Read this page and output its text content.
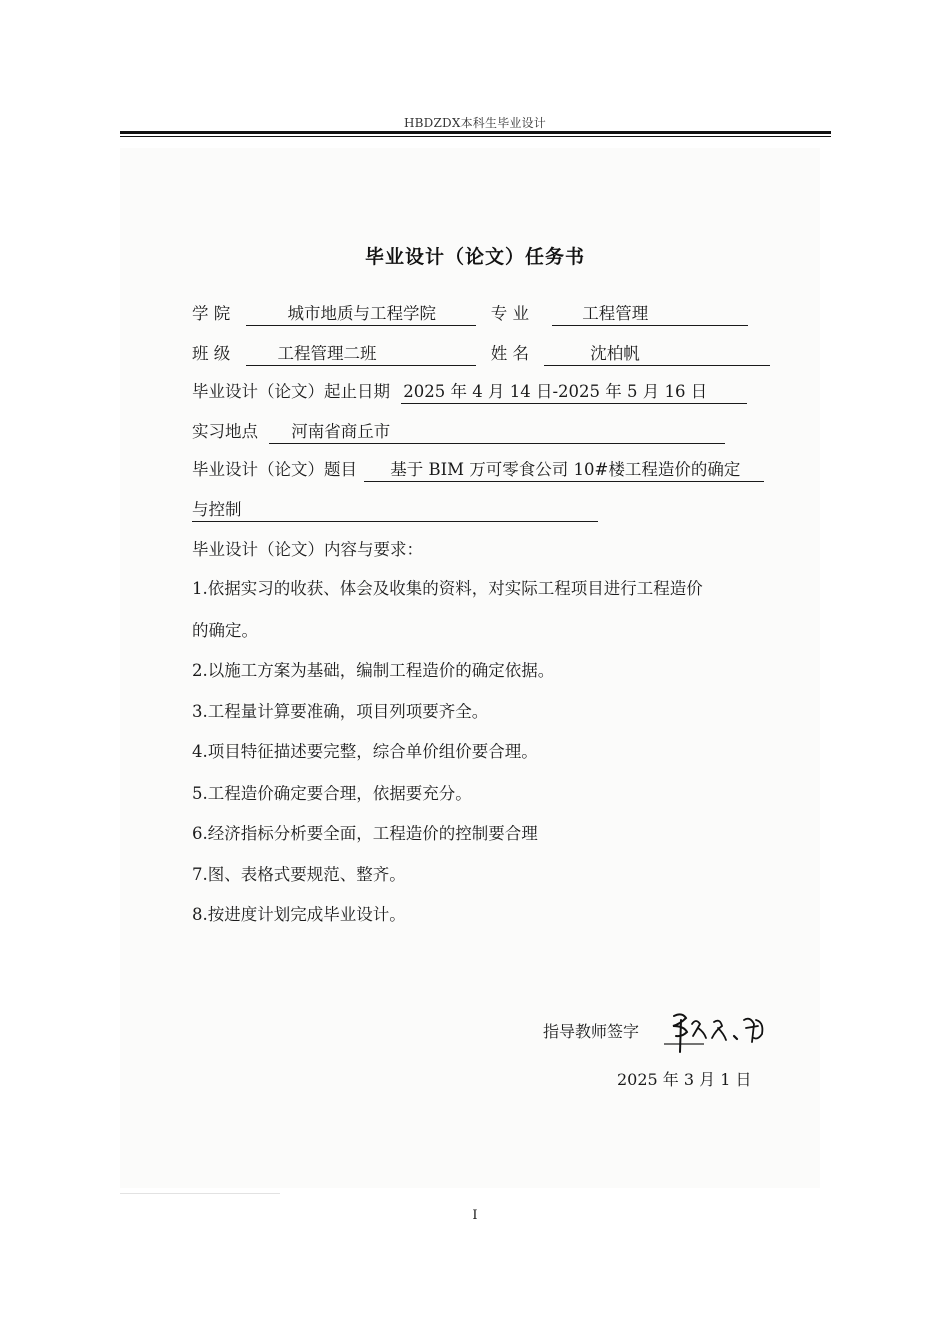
HBDZDX本科生毕业设计
毕业设计（论文）任务书
学 院	城市地质与工程学院	专 业	工程管理
班 级	工程管理二班	姓 名	沈柏帆
毕业设计（论文）起止日期 2025 年 4 月 14 日-2025 年 5 月 16 日
实习地点 河南省商丘市
毕业设计（论文）题目 基于 BIM 万可零食公司 10#楼工程造价的确定
与控制
毕业设计（论文）内容与要求：
1.依据实习的收获、体会及收集的资料，对实际工程项目进行工程造价
的确定。
2.以施工方案为基础，编制工程造价的确定依据。
3.工程量计算要准确，项目列项要齐全。
4.项目特征描述要完整，综合单价组价要合理。
5.工程造价确定要合理，依据要充分。
6.经济指标分析要全面，工程造价的控制要合理
7.图、表格式要规范、整齐。
8.按进度计划完成毕业设计。
指导教师签字
2025 年 3 月 1 日
I
